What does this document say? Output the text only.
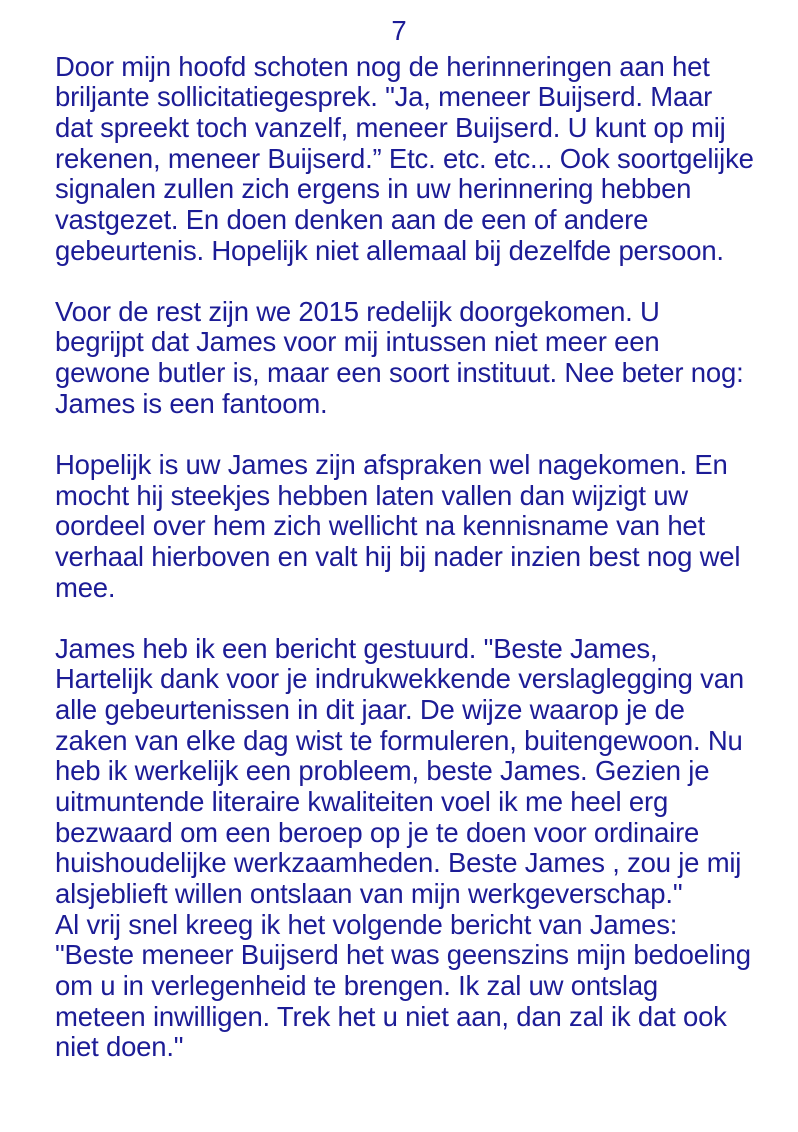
7
Door mijn hoofd schoten nog de herinneringen aan het
briljante sollicitatiegesprek. "Ja, meneer Buijserd. Maar
dat spreekt toch vanzelf, meneer Buijserd. U kunt op mij
rekenen, meneer Buijserd.” Etc. etc. etc... Ook soortgelijke
signalen zullen zich ergens in uw herinnering hebben
vastgezet. En doen denken aan de een of andere
gebeurtenis. Hopelijk niet allemaal bij dezelfde persoon.
Voor de rest zijn we 2015 redelijk doorgekomen. U
begrijpt dat James voor mij intussen niet meer een
gewone butler is, maar een soort instituut. Nee beter nog:
James is een fantoom.
Hopelijk is uw James zijn afspraken wel nagekomen. En
mocht hij steekjes hebben laten vallen dan wijzigt uw
oordeel over hem zich wellicht na kennisname van het
verhaal hierboven en valt hij bij nader inzien best nog wel
mee.
James heb ik een bericht gestuurd. "Beste James,
Hartelijk dank voor je indrukwekkende verslaglegging van
alle gebeurtenissen in dit jaar. De wijze waarop je de
zaken van elke dag wist te formuleren, buitengewoon. Nu
heb ik werkelijk een probleem, beste James. Gezien je
uitmuntende literaire kwaliteiten voel ik me heel erg
bezwaard om een beroep op je te doen voor ordinaire
huishoudelijke werkzaamheden. Beste James , zou je mij
alsjeblieft willen ontslaan van mijn werkgeverschap."
Al vrij snel kreeg ik het volgende bericht van James:
"Beste meneer Buijserd het was geenszins mijn bedoeling
om u in verlegenheid te brengen. Ik zal uw ontslag
meteen inwilligen. Trek het u niet aan, dan zal ik dat ook
niet doen."
